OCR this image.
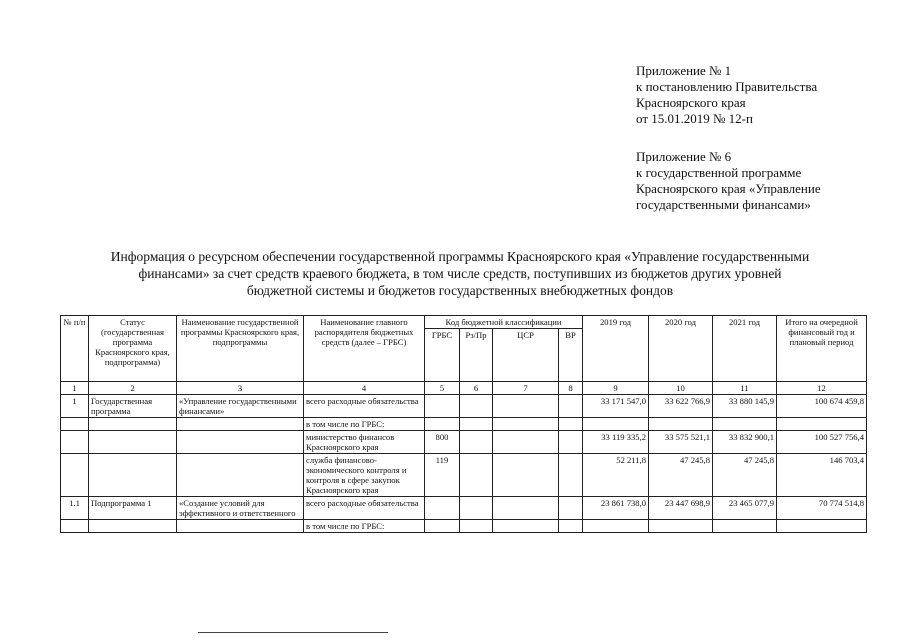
Приложение № 1
к постановлению Правительства
Красноярского края
от 15.01.2019 № 12-п
Приложение № 6
к государственной программе
Красноярского края «Управление
государственными финансами»
Информация о ресурсном обеспечении государственной программы Красноярского края «Управление государственными
финансами» за счет средств краевого бюджета, в том числе средств, поступивших из бюджетов других уровней
бюджетной системы и бюджетов государственных внебюджетных фондов
№ п/п	Статус (государственная программа Красноярского края, подпрограмма)	Наименование государственной программы Красноярского края, подпрограммы	Наименование главного распорядителя бюджетных средств (далее – ГРБС)	Код бюджетной классификации				2019 год	2020 год	2021 год	Итого на очередной финансовый год и плановый период
				ГРБС	Рз/Пр	ЦСР	ВР				
1	2	3	4	5	6	7	8	9	10	11	12
1	Государственная программа	«Управление государственными финансами»	всего расходные обязательства					33 171 547,0	33 622 766,9	33 880 145,9	100 674 459,8
			в том числе по ГРБС:								
			министерство финансов Красноярского края	800				33 119 335,2	33 575 521,1	33 832 900,1	100 527 756,4
			служба финансово-экономического контроля и контроля в сфере закупок Красноярского края	119				52 211,8	47 245,8	47 245,8	146 703,4
1.1	Подпрограмма 1	«Создание условий для эффективного и ответственного	всего расходные обязательства					23 861 738,0	23 447 698,9	23 465 077,9	70 774 514,8
			в том числе по ГРБС:								
